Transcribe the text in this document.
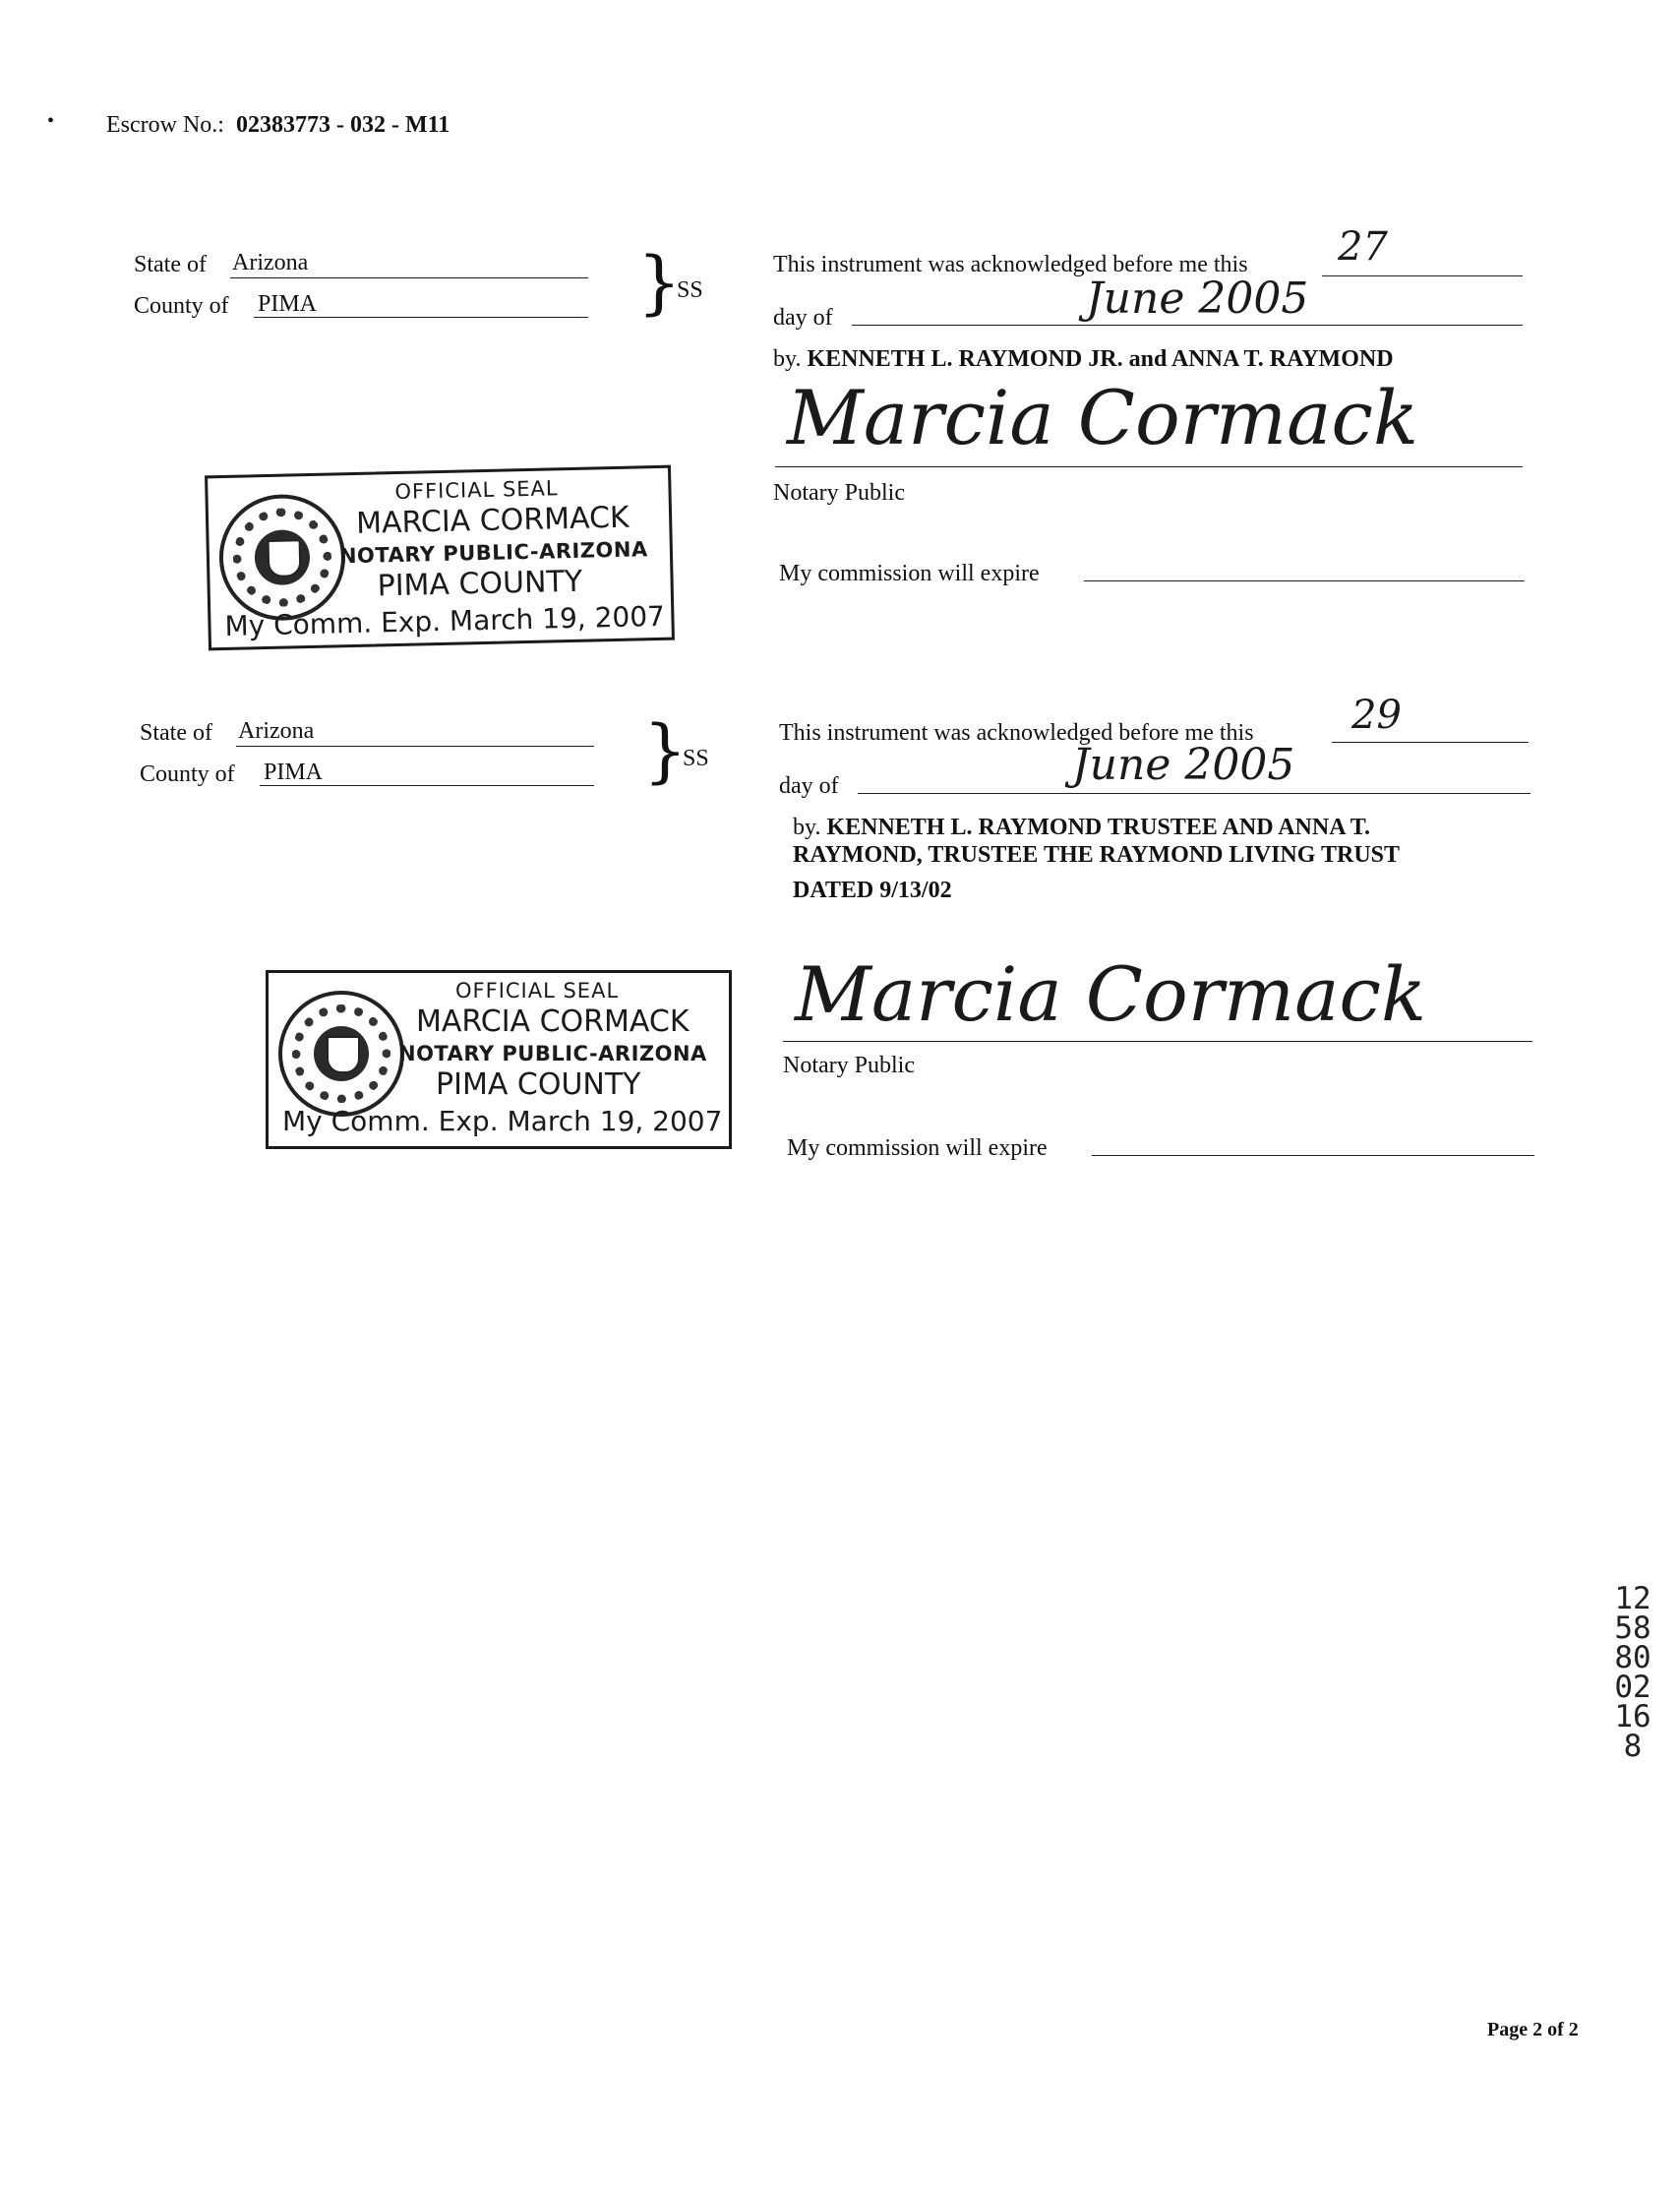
• Escrow No.: 02383773 - 032 - M11
State of Arizona
County of PIMA	}
SS
This instrument was acknowledged before me this 27
day of	June 2005
by. KENNETH L. RAYMOND JR. and ANNA T. RAYMOND
Marcia Cormack
Notary Public
My commission will expire
OFFICIAL SEAL
MARCIA CORMACK
NOTARY PUBLIC-ARIZONA
PIMA COUNTY
My Comm. Exp. March 19, 2007
State of Arizona
County of PIMA	}
SS
This instrument was acknowledged before me this 29
day of	June 2005
by. KENNETH L. RAYMOND TRUSTEE AND ANNA T.
RAYMOND, TRUSTEE THE RAYMOND LIVING TRUST
DATED 9/13/02
Marcia Cormack
Notary Public
My commission will expire
OFFICIAL SEAL
MARCIA CORMACK
NOTARY PUBLIC-ARIZONA
PIMA COUNTY
My Comm. Exp. March 19, 2007
125880 02168
Page 2 of 2
